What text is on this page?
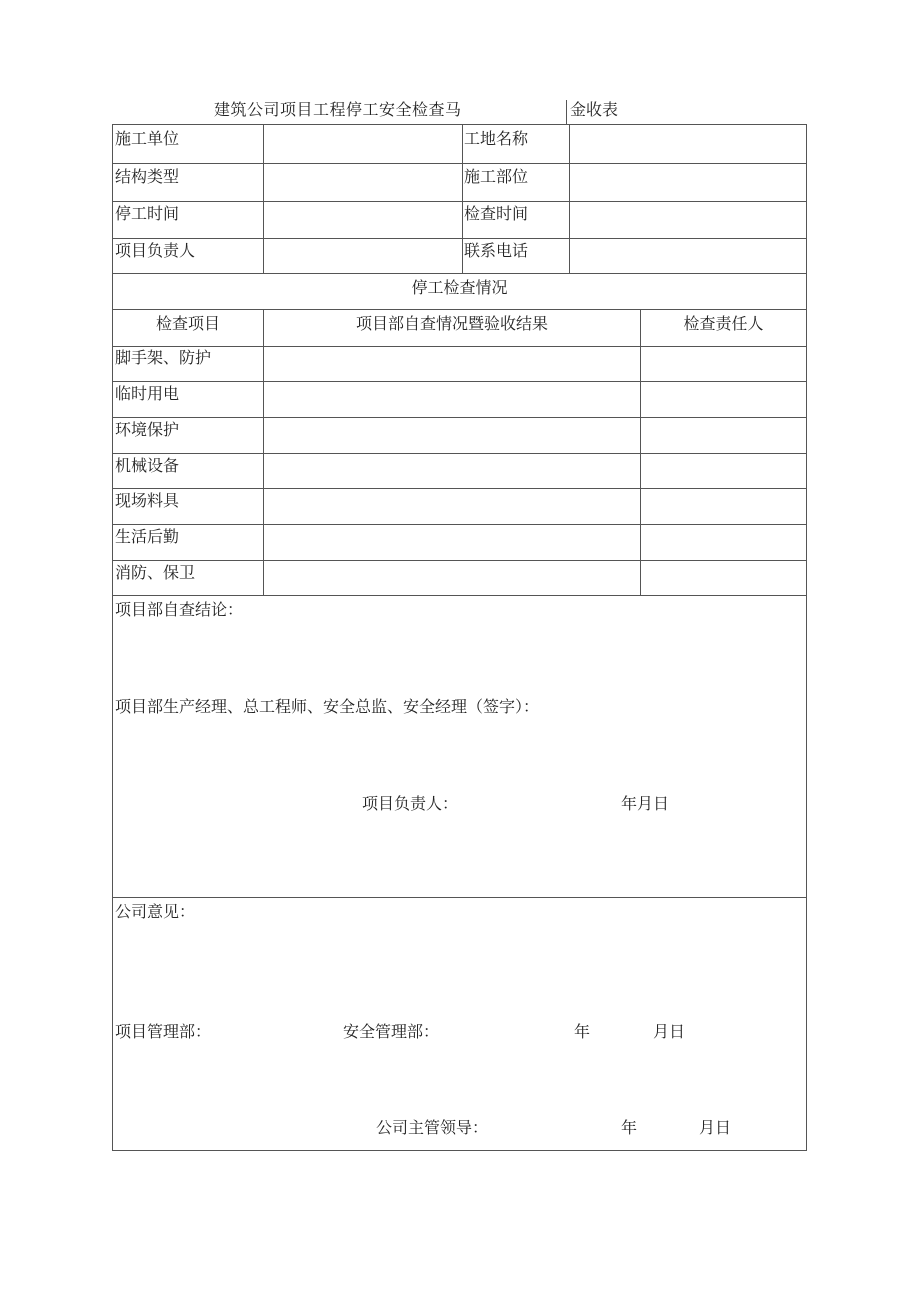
建筑公司项目工程停工安全检查马	金收表
施工单位	工地名称
结构类型	施工部位
停工时间	检查时间
项目负责人	联系电话
停工检查情况
检查项目	项目部自查情况暨验收结果	检查责任人
脚手架、防护
临时用电
环境保护
机械设备
现场料具
生活后勤
消防、保卫
项目部自查结论：
项目部生产经理、总工程师、安全总监、安全经理（签字）：
项目负责人：	年月日
公司意见：
项目管理部：	安全管理部：	年	月日
公司主管领导：	年	月日
